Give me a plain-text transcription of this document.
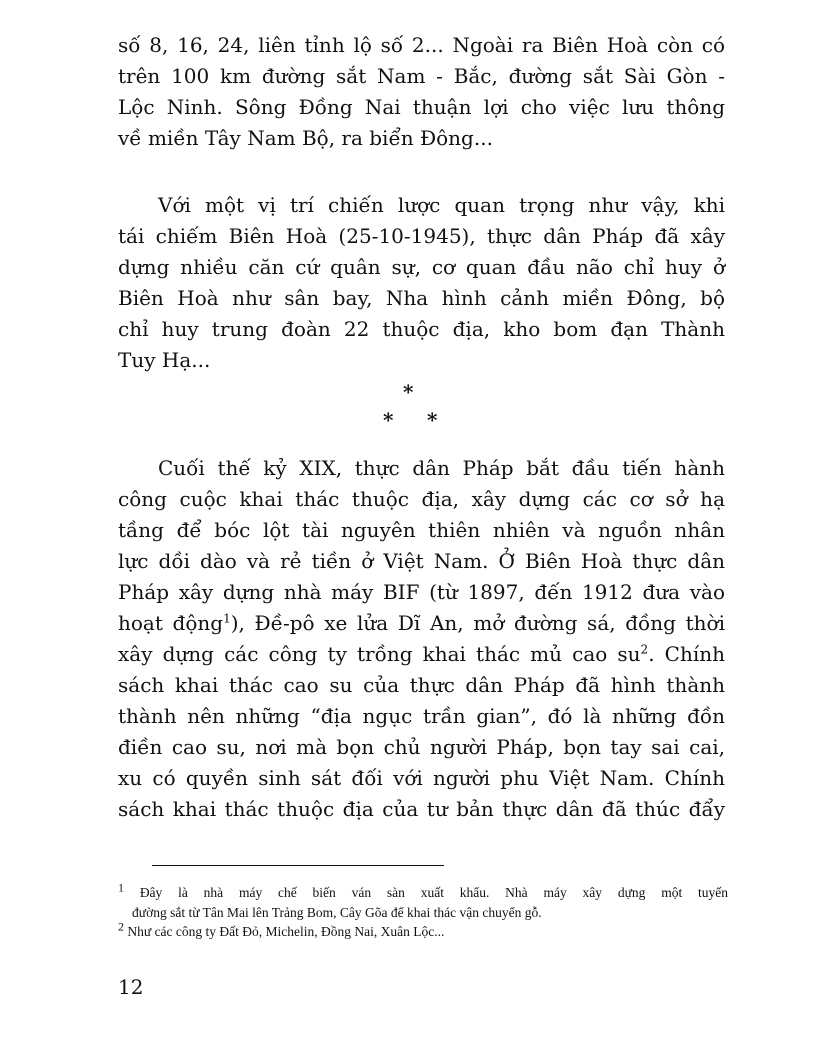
số 8, 16, 24, liên tỉnh lộ số 2... Ngoài ra Biên Hoà còn có
trên 100 km đường sắt Nam - Bắc, đường sắt Sài Gòn -
Lộc Ninh. Sông Đồng Nai thuận lợi cho việc lưu thông
về miền Tây Nam Bộ, ra biển Đông...
Với một vị trí chiến lược quan trọng như vậy, khi
tái chiếm Biên Hoà (25-10-1945), thực dân Pháp đã xây
dựng nhiều căn cứ quân sự, cơ quan đầu não chỉ huy ở
Biên Hoà như sân bay, Nha hình cảnh miền Đông, bộ
chỉ huy trung đoàn 22 thuộc địa, kho bom đạn Thành
Tuy Hạ...
*
* *
Cuối thế kỷ XIX, thực dân Pháp bắt đầu tiến hành
công cuộc khai thác thuộc địa, xây dựng các cơ sở hạ
tầng để bóc lột tài nguyên thiên nhiên và nguồn nhân
lực dồi dào và rẻ tiền ở Việt Nam. Ở Biên Hoà thực dân
Pháp xây dựng nhà máy BIF (từ 1897, đến 1912 đưa vào
hoạt động$^1$), Đề-pô xe lửa Dĩ An, mở đường sá, đồng thời
xây dựng các công ty trồng khai thác mủ cao $su^2$. Chính
sách khai thác cao su của thực dân Pháp đã hình thành
thành nên những “địa ngục trần gian”, đó là những đồn
điền cao su, nơi mà bọn chủ người Pháp, bọn tay sai cai,
xu có quyền sinh sát đối với người phu Việt Nam. Chính
sách khai thác thuộc địa của tư bản thực dân đã thúc đẩy
$^1$ Đây là nhà máy chế biến ván sàn xuất khẩu. Nhà máy xây dựng một tuyến
đường sắt từ Tân Mai lên Trảng Bom, Cây Gõa để khai thác vận chuyển gỗ.
$^2$ Như các công ty Đất Đỏ, Michelin, Đồng Nai, Xuân Lộc...
12
